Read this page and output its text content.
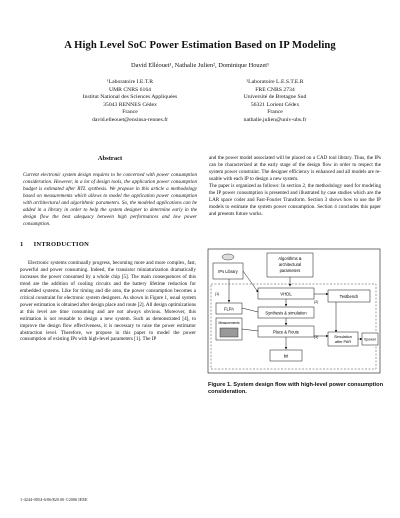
A High Level SoC Power Estimation Based on IP Modeling
David Elléouet¹, Nathalie Julien², Dominique Houzet¹
¹Laboratoire I.E.T.R
UMR CNRS 6164
Institut National des Sciences Appliquées
35043 RENNES Cédex
France
david.elleouet@ensinsa-rennes.fr
²Laboratoire L.E.S.T.E.R
FRE CNRS 2734
Université de Bretagne Sud
56321 Lorient Cédex
France
nathalie.julien@univ-ubs.fr
Abstract

Current electronic system design requires to be concerned with power consumption consideration. However, in a lot of design tools, the application power consumption budget is estimated after RTL synthesis. We propose in this article a methodology based on measurements which allows to model the application power consumption with architectural and algorithmic parameters. So, the modeled applications can be added in a library in order to help the system designer to determine early in the design flow the best adequacy between high performances and low power consumption.

and the power model associated will be placed on a CAD tool library. Thus, the IPs can be characterized at the early stage of the design flow in order to respect the system power constraint. The designer efficiency is enhanced and all models are re-usable with each IP to design a new system.

The paper is organized as follows: In section 2, the methodology used for modeling the IP power consumption is presented and illustrated by case studies which are the LAR space coder and Fast-Fourier Transform. Section 3 shows how to use the IP models to estimate the system power consumption. Section 4 concludes this paper and presents future works.

1 INTRODUCTION

Electronic systems continually progress, becoming more and more complex, fast, powerful and power consuming. Indeed, the transistor miniaturization dramatically increases the power consumed by a whole chip [5]. The main consequences of this trend are the addition of cooling circuits and the battery lifetime reduction for embedded systems. Like for timing and die area, the power consumption becomes a critical constraint for electronic system designers. As shown in Figure 1, usual system power estimation is obtained after design place and route [2]. All design optimizations at this level are time consuming and are not always obvious. Moreover, this estimation is not reusable to design a new system. Such as demonstrated [4], to improve the design flow effectiveness, it is necessary to raise the power estimator abstraction level. Therefore, we propose in this paper to model the power consumption of existing IPs with high-level parameters [1]. The IP

IPs Library
Algorithms &
architectural
parameters
(1)
(2)
(3)
VHDL
FLPA
Synthesis & simulation
Measurements
Testbench
Place & Route
Simulation
after PAR
Xpower
bit
Figure 1. System design flow with high-level power consumption consideration.
1-4244-0054-6/06/$20.00 ©2006 IEEE
